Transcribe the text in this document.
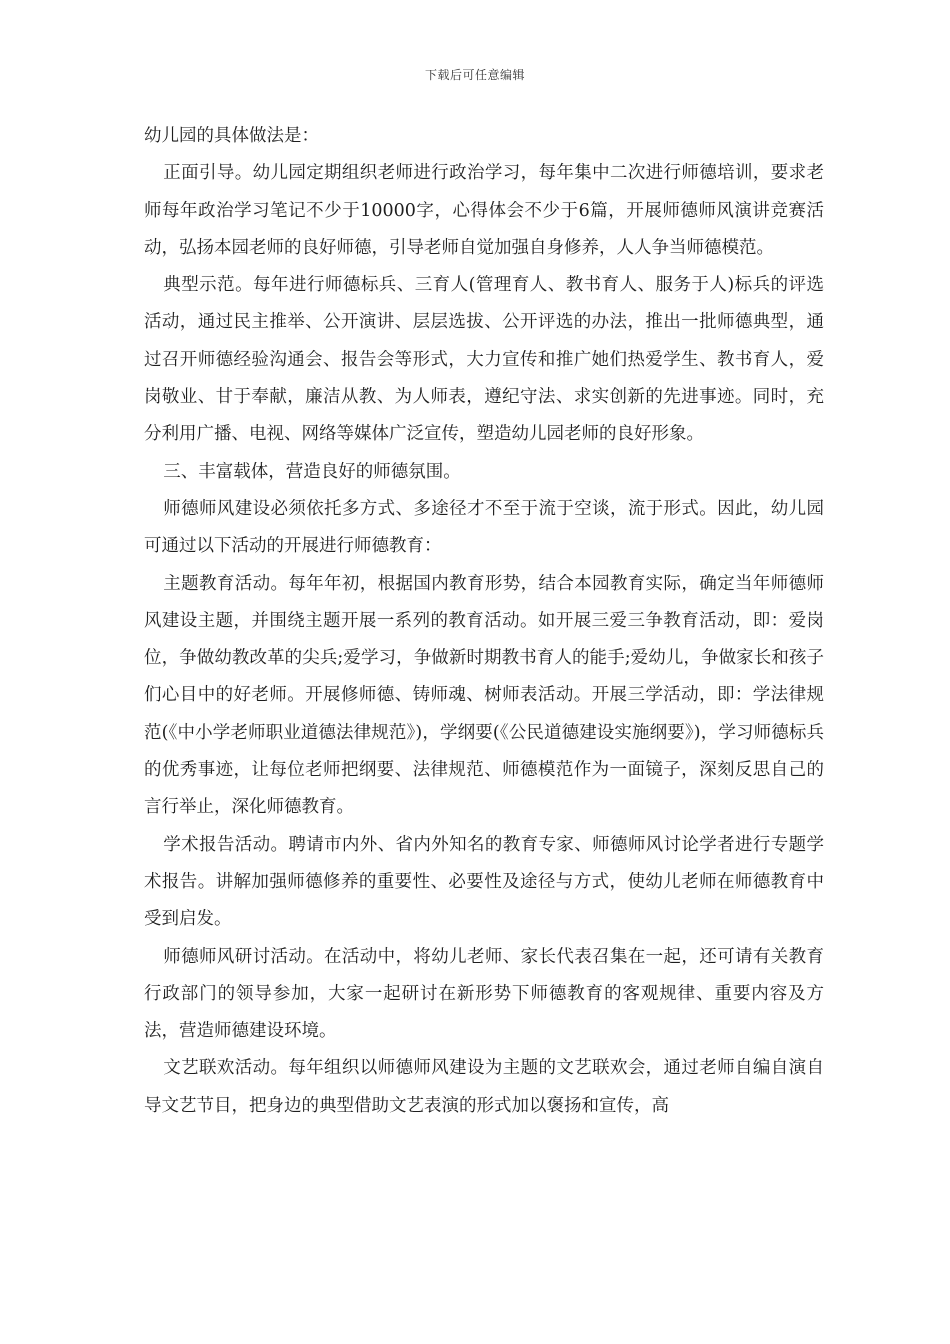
下载后可任意编辑

幼儿园的具体做法是：

正面引导。幼儿园定期组织老师进行政治学习，每年集中二次进行师德培训，要求老师每年政治学习笔记不少于10000字，心得体会不少于6篇，开展师德师风演讲竞赛活动，弘扬本园老师的良好师德，引导老师自觉加强自身修养，人人争当师德模范。

典型示范。每年进行师德标兵、三育人(管理育人、教书育人、服务于人)标兵的评选活动，通过民主推举、公开演讲、层层选拔、公开评选的办法，推出一批师德典型，通过召开师德经验沟通会、报告会等形式，大力宣传和推广她们热爱学生、教书育人，爱岗敬业、甘于奉献，廉洁从教、为人师表，遵纪守法、求实创新的先进事迹。同时，充分利用广播、电视、网络等媒体广泛宣传，塑造幼儿园老师的良好形象。

三、丰富载体，营造良好的师德氛围。

师德师风建设必须依托多方式、多途径才不至于流于空谈，流于形式。因此，幼儿园可通过以下活动的开展进行师德教育：

主题教育活动。每年年初，根据国内教育形势，结合本园教育实际，确定当年师德师风建设主题，并围绕主题开展一系列的教育活动。如开展三爱三争教育活动，即：爱岗位，争做幼教改革的尖兵;爱学习，争做新时期教书育人的能手;爱幼儿，争做家长和孩子们心目中的好老师。开展修师德、铸师魂、树师表活动。开展三学活动，即：学法律规范(《中小学老师职业道德法律规范》)，学纲要(《公民道德建设实施纲要》)，学习师德标兵的优秀事迹，让每位老师把纲要、法律规范、师德模范作为一面镜子，深刻反思自己的言行举止，深化师德教育。

学术报告活动。聘请市内外、省内外知名的教育专家、师德师风讨论学者进行专题学术报告。讲解加强师德修养的重要性、必要性及途径与方式，使幼儿老师在师德教育中受到启发。

师德师风研讨活动。在活动中，将幼儿老师、家长代表召集在一起，还可请有关教育行政部门的领导参加，大家一起研讨在新形势下师德教育的客观规律、重要内容及方法，营造师德建设环境。

文艺联欢活动。每年组织以师德师风建设为主题的文艺联欢会，通过老师自编自演自导文艺节目，把身边的典型借助文艺表演的形式加以褒扬和宣传，高
